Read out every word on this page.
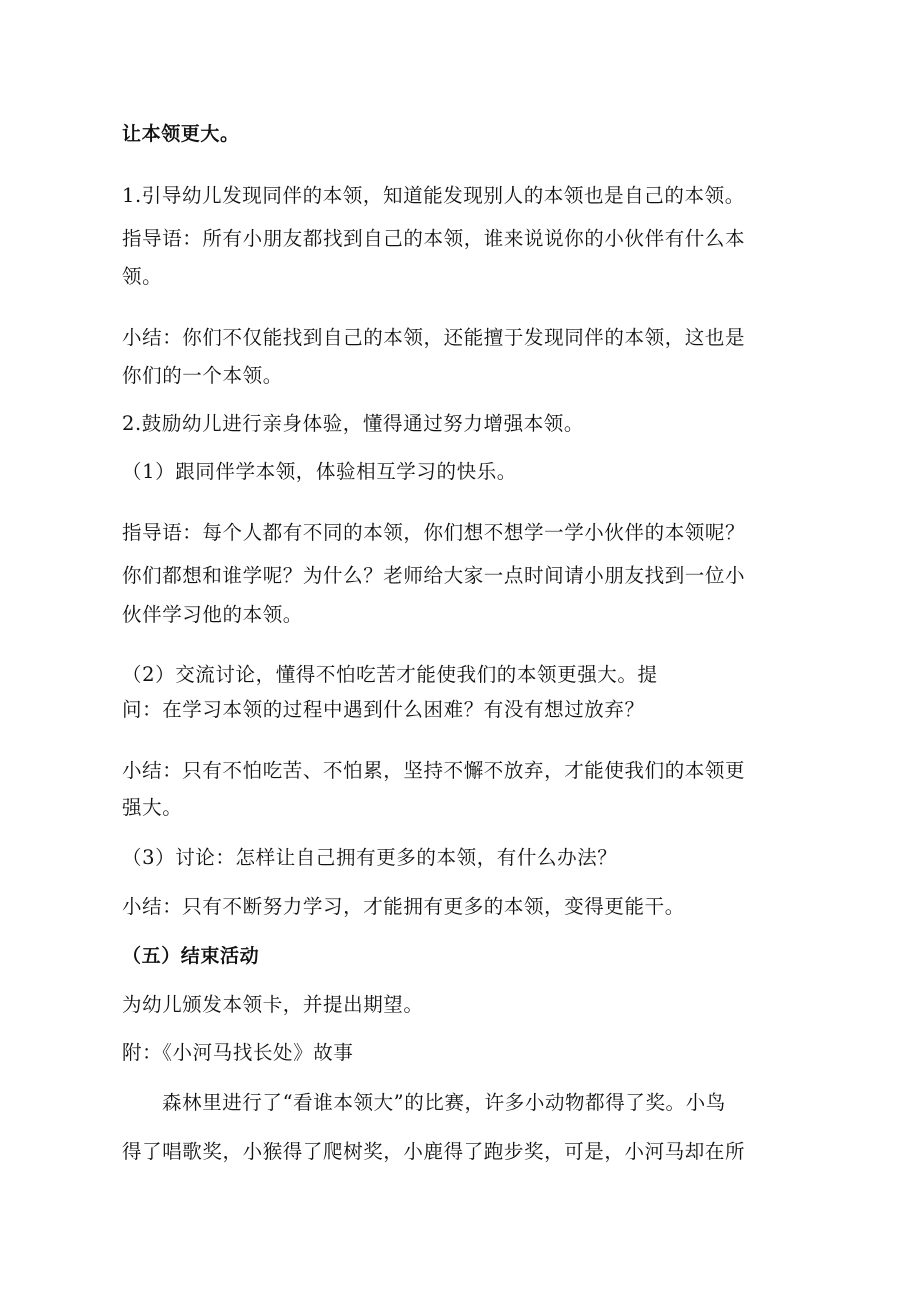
让本领更大。

1.引导幼儿发现同伴的本领，知道能发现别人的本领也是自己的本领。

指导语：所有小朋友都找到自己的本领，谁来说说你的小伙伴有什么本

领。

小结：你们不仅能找到自己的本领，还能擅于发现同伴的本领，这也是

你们的一个本领。

2.鼓励幼儿进行亲身体验，懂得通过努力增强本领。

（1）跟同伴学本领，体验相互学习的快乐。

指导语：每个人都有不同的本领，你们想不想学一学小伙伴的本领呢？

你们都想和谁学呢？为什么？老师给大家一点时间请小朋友找到一位小

伙伴学习他的本领。

（2）交流讨论，懂得不怕吃苦才能使我们的本领更强大。提

问：在学习本领的过程中遇到什么困难？有没有想过放弃？

小结：只有不怕吃苦、不怕累，坚持不懈不放弃，才能使我们的本领更

强大。

（3）讨论：怎样让自己拥有更多的本领，有什么办法？

小结：只有不断努力学习，才能拥有更多的本领，变得更能干。

（五）结束活动

为幼儿颁发本领卡，并提出期望。

附：《小河马找长处》故事

森林里进行了“看谁本领大”的比赛，许多小动物都得了奖。小鸟

得了唱歌奖，小猴得了爬树奖，小鹿得了跑步奖，可是，小河马却在所
